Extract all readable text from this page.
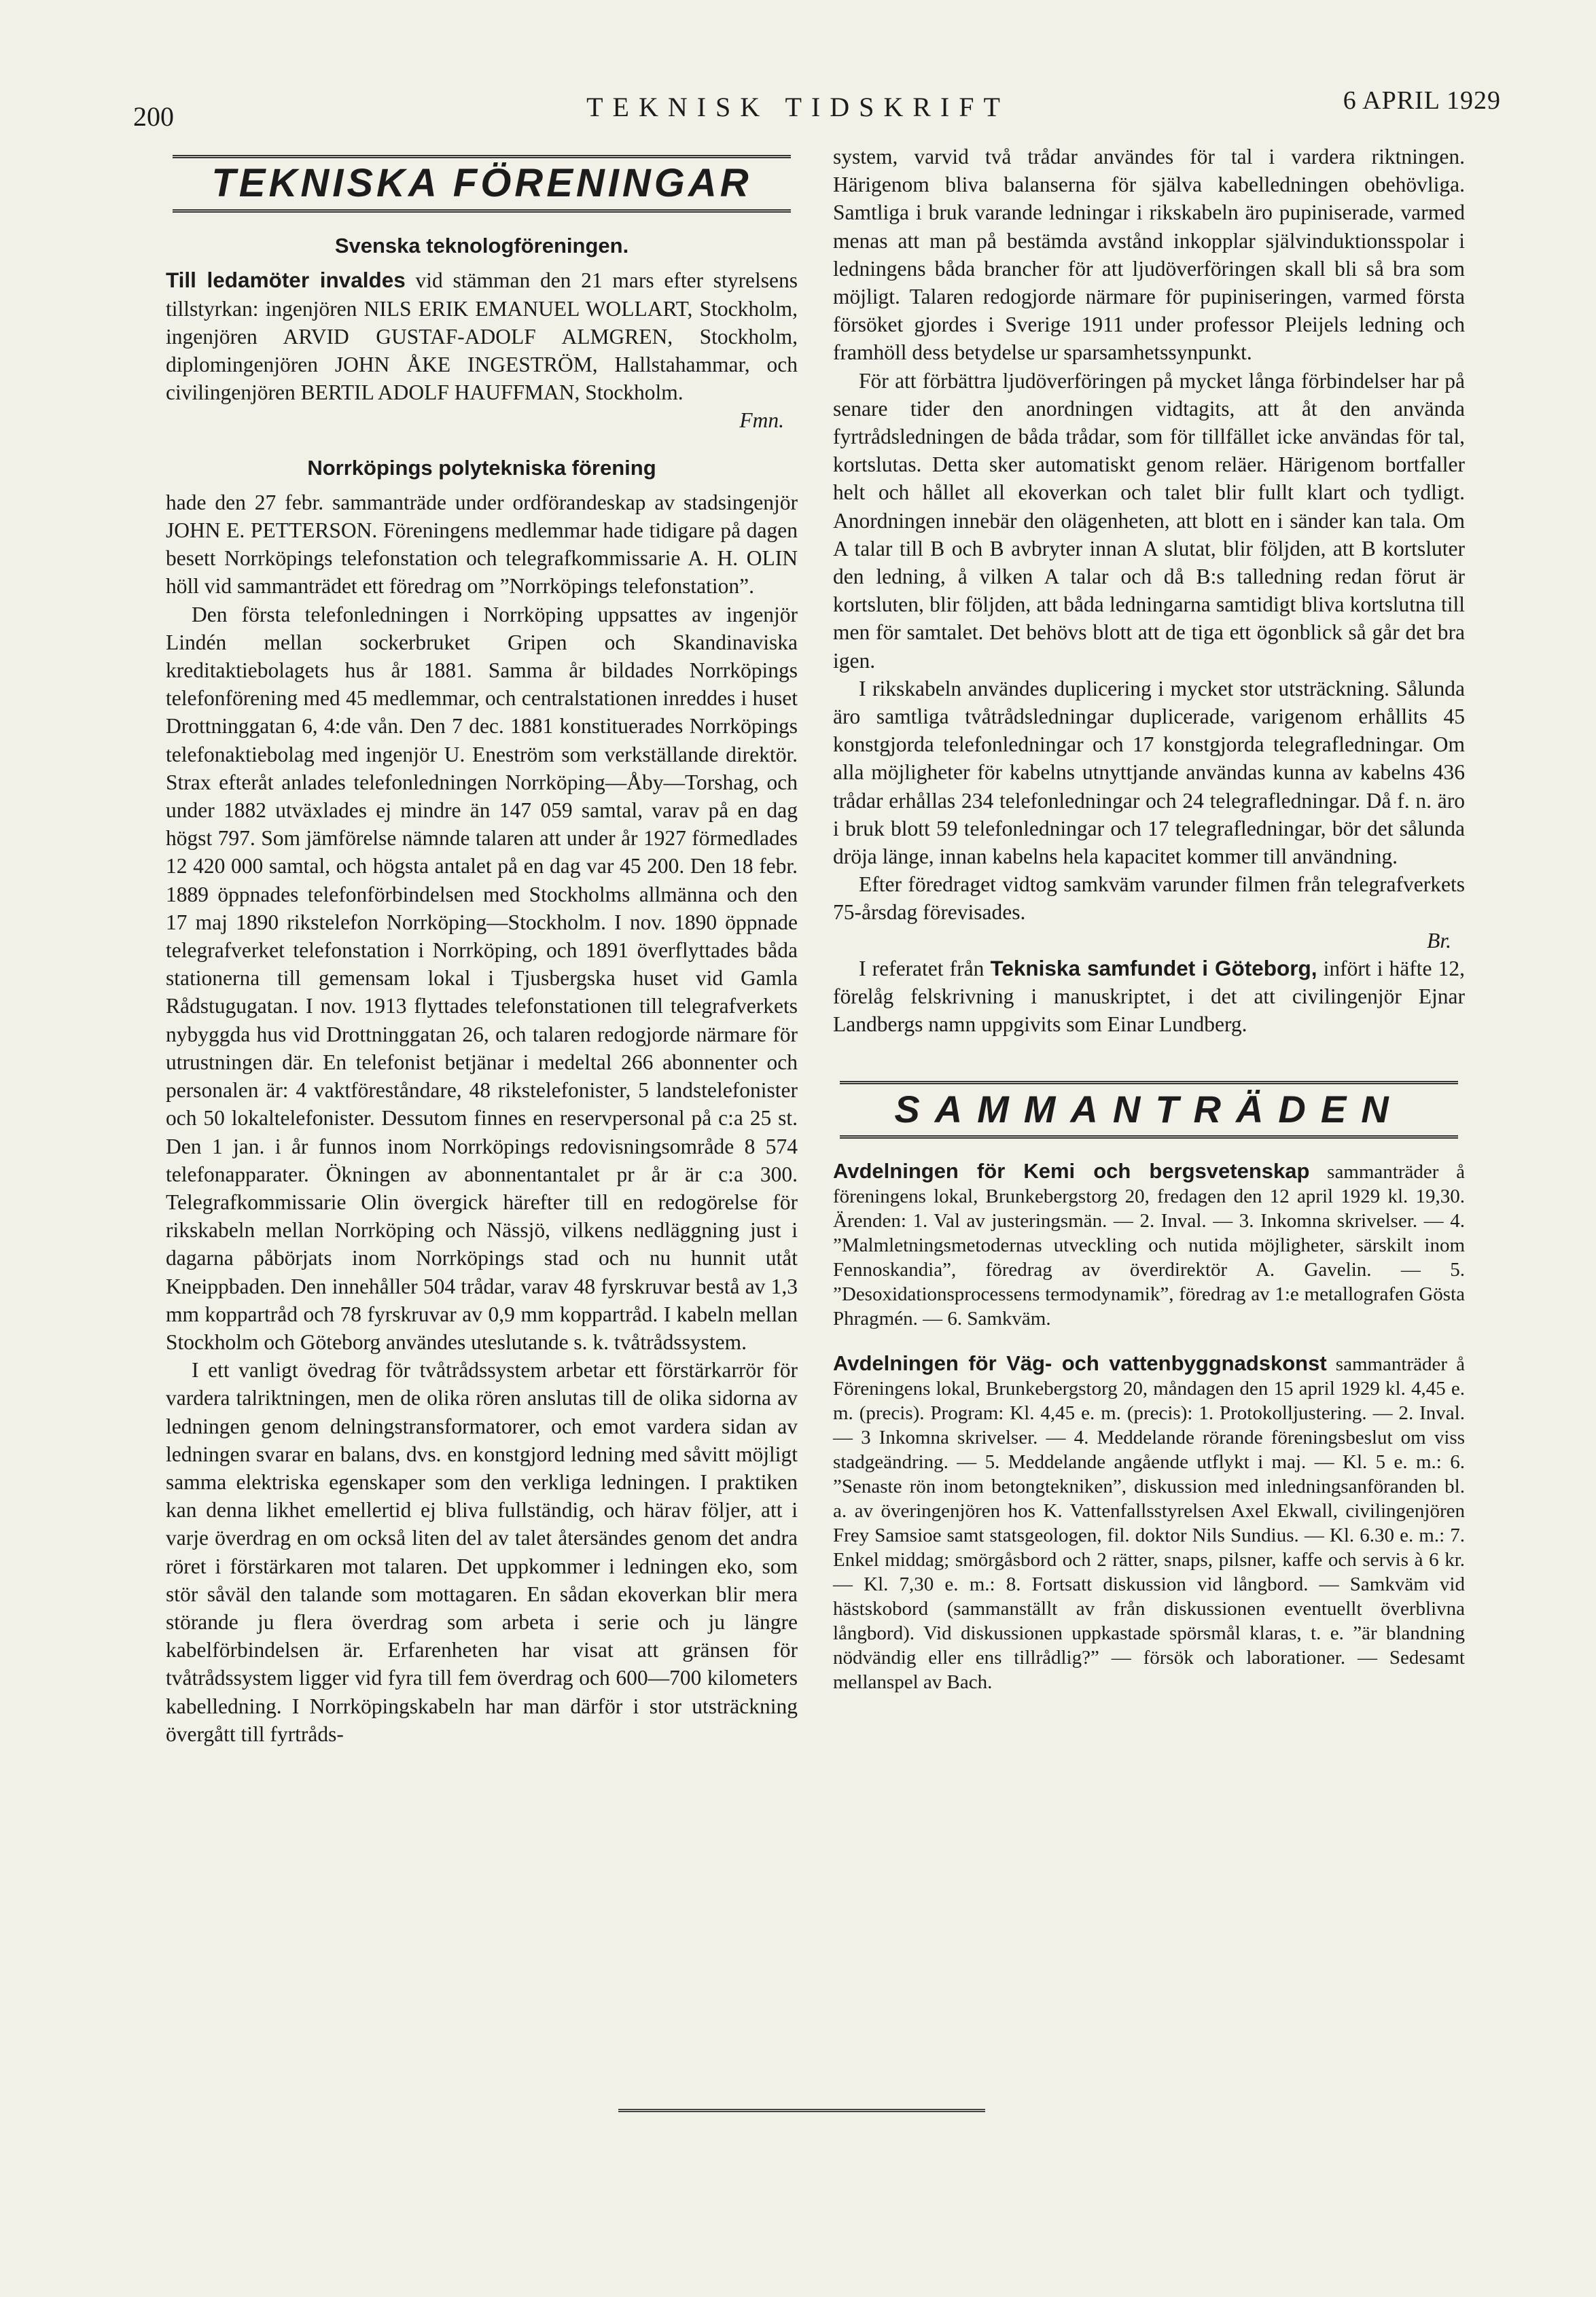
200	TEKNISK TIDSKRIFT	6 APRIL 1929
TEKNISKA FÖRENINGAR
Svenska teknologföreningen.

Till ledamöter invaldes vid stämman den 21 mars efter styrelsens tillstyrkan: ingenjören NILS ERIK EMANUEL WOLLART, Stockholm, ingenjören ARVID GUSTAF-ADOLF ALMGREN, Stockholm, diplomingenjören JOHN ÅKE INGESTRÖM, Hallstahammar, och civilingenjören BERTIL ADOLF HAUFFMAN, Stockholm.

Fmn.
Norrköpings polytekniska förening

hade den 27 febr. sammanträde under ordförandeskap av stadsingenjör JOHN E. PETTERSON. Föreningens medlemmar hade tidigare på dagen besett Norrköpings telefonstation och telegrafkommissarie A. H. OLIN höll vid sammanträdet ett föredrag om ”Norrköpings telefonstation”.

Den första telefonledningen i Norrköping uppsattes av ingenjör Lindén mellan sockerbruket Gripen och Skandinaviska kreditaktiebolagets hus år 1881. Samma år bildades Norrköpings telefonförening med 45 medlemmar, och centralstationen inreddes i huset Drottninggatan 6, 4:de vån. Den 7 dec. 1881 konstituerades Norrköpings telefonaktiebolag med ingenjör U. Eneström som verkställande direktör. Strax efteråt anlades telefonledningen Norrköping—Åby—Torshag, och under 1882 utväxlades ej mindre än 147 059 samtal, varav på en dag högst 797. Som jämförelse nämnde talaren att under år 1927 förmedlades 12 420 000 samtal, och högsta antalet på en dag var 45 200. Den 18 febr. 1889 öppnades telefonförbindelsen med Stockholms allmänna och den 17 maj 1890 rikstelefon Norrköping—Stockholm. I nov. 1890 öppnade telegrafverket telefonstation i Norrköping, och 1891 överflyttades båda stationerna till gemensam lokal i Tjusbergska huset vid Gamla Rådstugugatan. I nov. 1913 flyttades telefonstationen till telegrafverkets nybyggda hus vid Drottninggatan 26, och talaren redogjorde närmare för utrustningen där. En telefonist betjänar i medeltal 266 abonnenter och personalen är: 4 vaktföreståndare, 48 rikstelefonister, 5 landstelefonister och 50 lokaltelefonister. Dessutom finnes en reservpersonal på c:a 25 st. Den 1 jan. i år funnos inom Norrköpings redovisningsområde 8 574 telefonapparater. Ökningen av abonnentantalet pr år är c:a 300. Telegrafkommissarie Olin övergick härefter till en redogörelse för rikskabeln mellan Norrköping och Nässjö, vilkens nedläggning just i dagarna påbörjats inom Norrköpings stad och nu hunnit utåt Kneippbaden. Den innehåller 504 trådar, varav 48 fyrskruvar bestå av 1,3 mm koppartråd och 78 fyrskruvar av 0,9 mm koppartråd. I kabeln mellan Stockholm och Göteborg användes uteslutande s. k. tvåtrådssystem.

I ett vanligt övedrag för tvåtrådssystem arbetar ett förstärkarrör för vardera talriktningen, men de olika rören anslutas till de olika sidorna av ledningen genom delningstransformatorer, och emot vardera sidan av ledningen svarar en balans, dvs. en konstgjord ledning med såvitt möjligt samma elektriska egenskaper som den verkliga ledningen. I praktiken kan denna likhet emellertid ej bliva fullständig, och härav följer, att i varje överdrag en om också liten del av talet återsändes genom det andra röret i förstärkaren mot talaren. Det uppkommer i ledningen eko, som stör såväl den talande som mottagaren. En sådan ekoverkan blir mera störande ju flera överdrag som arbeta i serie och ju längre kabelförbindelsen är. Erfarenheten har visat att gränsen för tvåtrådssystem ligger vid fyra till fem överdrag och 600—700 kilometers kabelledning. I Norrköpingskabeln har man därför i stor utsträckning övergått till fyrtråds-

system, varvid två trådar användes för tal i vardera riktningen. Härigenom bliva balanserna för själva kabelledningen obehövliga. Samtliga i bruk varande ledningar i rikskabeln äro pupiniserade, varmed menas att man på bestämda avstånd inkopplar självinduktionsspolar i ledningens båda brancher för att ljudöverföringen skall bli så bra som möjligt. Talaren redogjorde närmare för pupiniseringen, varmed första försöket gjordes i Sverige 1911 under professor Pleijels ledning och framhöll dess betydelse ur sparsamhetssynpunkt.

För att förbättra ljudöverföringen på mycket långa förbindelser har på senare tider den anordningen vidtagits, att åt den använda fyrtrådsledningen de båda trådar, som för tillfället icke användas för tal, kortslutas. Detta sker automatiskt genom reläer. Härigenom bortfaller helt och hållet all ekoverkan och talet blir fullt klart och tydligt. Anordningen innebär den olägenheten, att blott en i sänder kan tala. Om A talar till B och B avbryter innan A slutat, blir följden, att B kortsluter den ledning, å vilken A talar och då B:s talledning redan förut är kortsluten, blir följden, att båda ledningarna samtidigt bliva kortslutna till men för samtalet. Det behövs blott att de tiga ett ögonblick så går det bra igen.

I rikskabeln användes duplicering i mycket stor utsträckning. Sålunda äro samtliga tvåtrådsledningar duplicerade, varigenom erhållits 45 konstgjorda telefonledningar och 17 konstgjorda telegrafledningar. Om alla möjligheter för kabelns utnyttjande användas kunna av kabelns 436 trådar erhållas 234 telefonledningar och 24 telegrafledningar. Då f. n. äro i bruk blott 59 telefonledningar och 17 telegrafledningar, bör det sålunda dröja länge, innan kabelns hela kapacitet kommer till användning.

Efter föredraget vidtog samkväm varunder filmen från telegrafverkets 75-årsdag förevisades.

Br.

I referatet från Tekniska samfundet i Göteborg, infört i häfte 12, förelåg felskrivning i manuskriptet, i det att civilingenjör Ejnar Landbergs namn uppgivits som Einar Lundberg.

SAMMANTRÄDEN
Avdelningen för Kemi och bergsvetenskap sammanträder å föreningens lokal, Brunkebergstorg 20, fredagen den 12 april 1929 kl. 19,30. Ärenden: 1. Val av justeringsmän. — 2. Inval. — 3. Inkomna skrivelser. — 4. ”Malmletningsmetodernas utveckling och nutida möjligheter, särskilt inom Fennoskandia”, föredrag av överdirektör A. Gavelin. — 5. ”Desoxidationsprocessens termodynamik”, föredrag av 1:e metallografen Gösta Phragmén. — 6. Samkväm.
Avdelningen för Väg- och vattenbyggnadskonst sammanträder å Föreningens lokal, Brunkebergstorg 20, måndagen den 15 april 1929 kl. 4,45 e. m. (precis). Program: Kl. 4,45 e. m. (precis): 1. Protokolljustering. — 2. Inval. — 3 Inkomna skrivelser. — 4. Meddelande rörande föreningsbeslut om viss stadgeändring. — 5. Meddelande angående utflykt i maj. — Kl. 5 e. m.: 6. ”Senaste rön inom betongtekniken”, diskussion med inledningsanföranden bl. a. av överingenjören hos K. Vattenfallsstyrelsen Axel Ekwall, civilingenjören Frey Samsioe samt statsgeologen, fil. doktor Nils Sundius. — Kl. 6.30 e. m.: 7. Enkel middag; smörgåsbord och 2 rätter, snaps, pilsner, kaffe och servis à 6 kr. — Kl. 7,30 e. m.: 8. Fortsatt diskussion vid långbord. — Samkväm vid hästskobord (sammanställt av från diskussionen eventuellt överblivna långbord). Vid diskussionen uppkastade spörsmål klaras, t. e. ”är blandning nödvändig eller ens tillrådlig?” — försök och laborationer. — Sedesamt mellanspel av Bach.
